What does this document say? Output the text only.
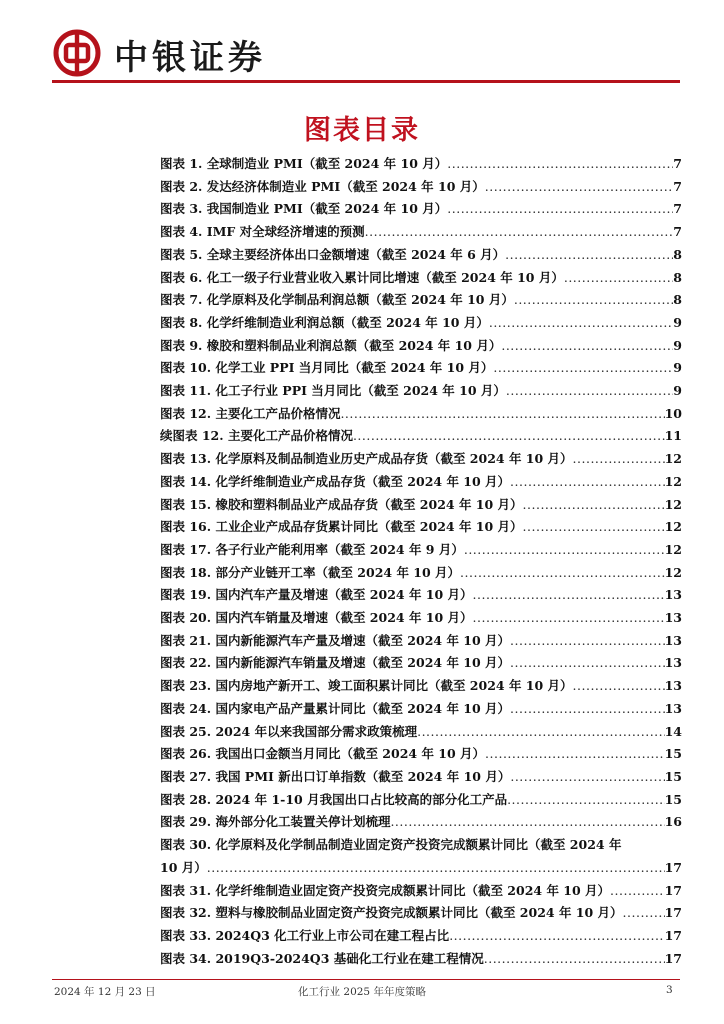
中银证券
图表目录
图表 1. 全球制造业 PMI（截至 2024 年 10 月） .....	7
图表 2. 发达经济体制造业 PMI（截至 2024 年 10 月） .....	7
图表 3. 我国制造业 PMI（截至 2024 年 10 月） .....	7
图表 4. IMF 对全球经济增速的预测 .....	7
图表 5. 全球主要经济体出口金额增速（截至 2024 年 6 月） .....	8
图表 6. 化工一级子行业营业收入累计同比增速（截至 2024 年 10 月） .....	8
图表 7. 化学原料及化学制品利润总额（截至 2024 年 10 月） .....	8
图表 8. 化学纤维制造业利润总额（截至 2024 年 10 月） .....	9
图表 9. 橡胶和塑料制品业利润总额（截至 2024 年 10 月） .....	9
图表 10. 化学工业 PPI 当月同比（截至 2024 年 10 月） .....	9
图表 11. 化工子行业 PPI 当月同比（截至 2024 年 10 月） .....	9
图表 12. 主要化工产品价格情况 .....	10
续图表 12. 主要化工产品价格情况 .....	11
图表 13. 化学原料及制品制造业历史产成品存货（截至 2024 年 10 月） .....	12
图表 14. 化学纤维制造业产成品存货（截至 2024 年 10 月） .....	12
图表 15. 橡胶和塑料制品业产成品存货（截至 2024 年 10 月） .....	12
图表 16. 工业企业产成品存货累计同比（截至 2024 年 10 月） .....	12
图表 17. 各子行业产能利用率（截至 2024 年 9 月） .....	12
图表 18. 部分产业链开工率（截至 2024 年 10 月） .....	12
图表 19. 国内汽车产量及增速（截至 2024 年 10 月） .....	13
图表 20. 国内汽车销量及增速（截至 2024 年 10 月） .....	13
图表 21. 国内新能源汽车产量及增速（截至 2024 年 10 月） .....	13
图表 22. 国内新能源汽车销量及增速（截至 2024 年 10 月） .....	13
图表 23. 国内房地产新开工、竣工面积累计同比（截至 2024 年 10 月） .....	13
图表 24. 国内家电产品产量累计同比（截至 2024 年 10 月） .....	13
图表 25. 2024 年以来我国部分需求政策梳理 .....	14
图表 26. 我国出口金额当月同比（截至 2024 年 10 月） .....	15
图表 27. 我国 PMI 新出口订单指数（截至 2024 年 10 月） .....	15
图表 28. 2024 年 1-10 月我国出口占比较高的部分化工产品 .....	15
图表 29. 海外部分化工装置关停计划梳理 .....	16
图表 30. 化学原料及化学制品制造业固定资产投资完成额累计同比（截至 2024 年
10 月） .....	17
图表 31. 化学纤维制造业固定资产投资完成额累计同比（截至 2024 年 10 月） .....	17
图表 32. 塑料与橡胶制品业固定资产投资完成额累计同比（截至 2024 年 10 月） .....	17
图表 33. 2024Q3 化工行业上市公司在建工程占比 .....	17
图表 34. 2019Q3-2024Q3 基础化工行业在建工程情况 .....	17
2024 年 12 月 23 日	化工行业 2025 年年度策略	3
